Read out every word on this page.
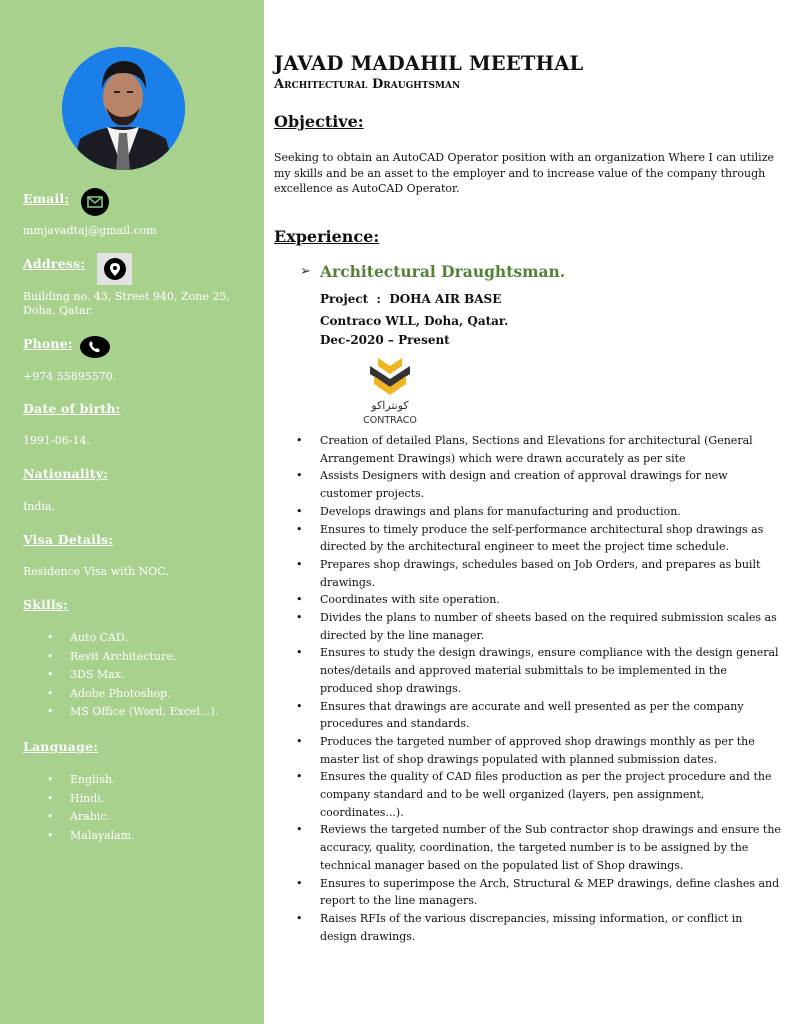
Email:
mmjavadtaj@gmail.com
Address:
Building no. 43, Street 940, Zone 25, Doha, Qatar.
Phone:
+974 55895570.
Date of birth:
1991-06-14.
Nationality:
India.
Visa Details:
Residence Visa with NOC.
Skills:
• Auto CAD.
• Revit Architecture.
• 3DS Max.
• Adobe Photoshop.
• MS Office (Word, Excel...).
Language:
• English.
• Hindi.
• Arabic.
• Malayalam.
JAVAD MADAHIL MEETHAL
Architectural Draughtsman
Objective:
Seeking to obtain an AutoCAD Operator position with an organization Where I can utilize my skills and be an asset to the employer and to increase value of the company through excellence as AutoCAD Operator.
Experience:
➢ Architectural Draughtsman.
Project  :  DOHA AIR BASE
Contraco WLL, Doha, Qatar.
Dec-2020 – Present
كونتراكو
CONTRACO
• Creation of detailed Plans, Sections and Elevations for architectural (General Arrangement Drawings) which were drawn accurately as per site
• Assists Designers with design and creation of approval drawings for new customer projects.
• Develops drawings and plans for manufacturing and production.
• Ensures to timely produce the self-performance architectural shop drawings as directed by the architectural engineer to meet the project time schedule.
• Prepares shop drawings, schedules based on Job Orders, and prepares as built drawings.
• Coordinates with site operation.
• Divides the plans to number of sheets based on the required submission scales as directed by the line manager.
• Ensures to study the design drawings, ensure compliance with the design general notes/details and approved material submittals to be implemented in the produced shop drawings.
• Ensures that drawings are accurate and well presented as per the company procedures and standards.
• Produces the targeted number of approved shop drawings monthly as per the master list of shop drawings populated with planned submission dates.
• Ensures the quality of CAD files production as per the project procedure and the company standard and to be well organized (layers, pen assignment, coordinates...).
• Reviews the targeted number of the Sub contractor shop drawings and ensure the accuracy, quality, coordination, the targeted number is to be assigned by the technical manager based on the populated list of Shop drawings.
• Ensures to superimpose the Arch, Structural & MEP drawings, define clashes and report to the line managers.
• Raises RFIs of the various discrepancies, missing information, or conflict in design drawings.
